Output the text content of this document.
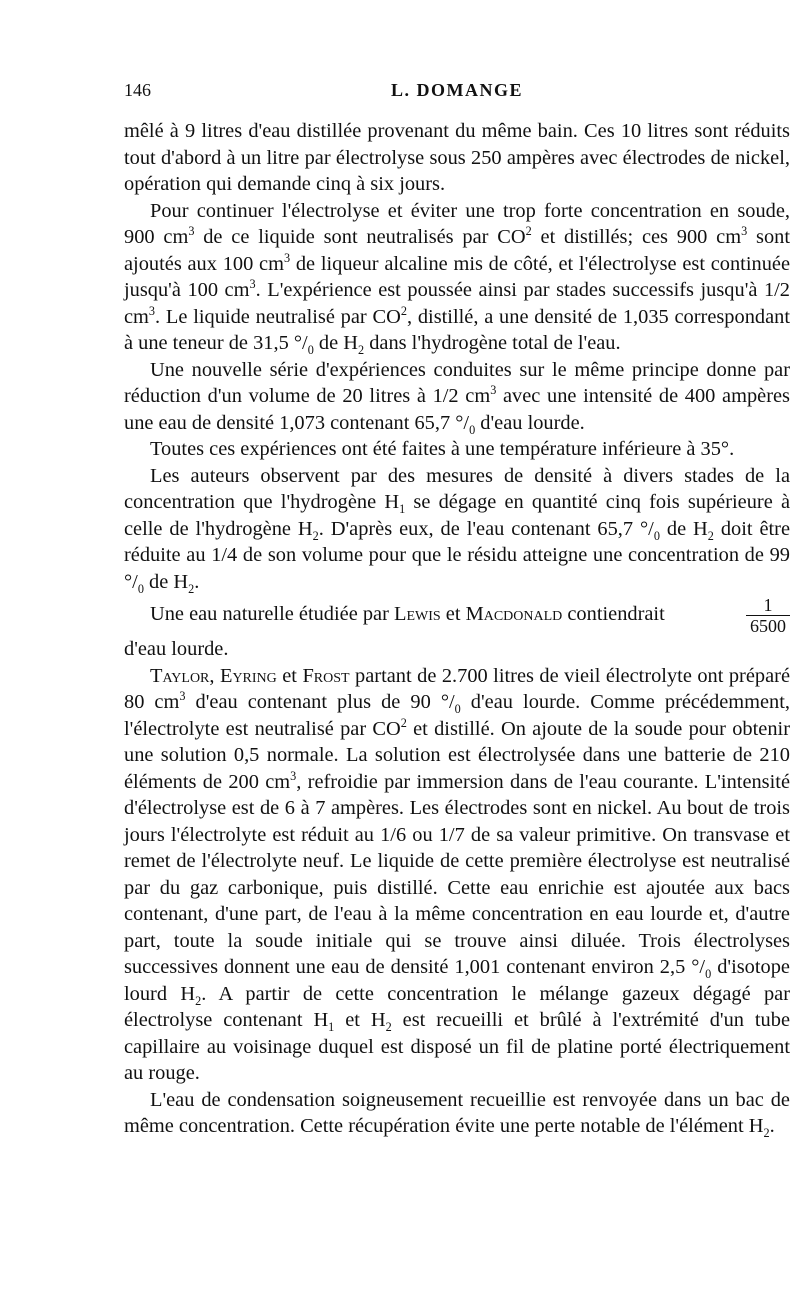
146	L. DOMANGE

mêlé à 9 litres d'eau distillée provenant du même bain. Ces 10 litres sont réduits tout d'abord à un litre par électrolyse sous 250 ampères avec électrodes de nickel, opération qui demande cinq à six jours.

Pour continuer l'électrolyse et éviter une trop forte concentration en soude, 900 $cm^3$ de ce liquide sont neutralisés par $CO^2$ et distillés; ces 900 $cm^3$ sont ajoutés aux 100 $cm^3$ de liqueur alcaline mis de côté, et l'électrolyse est continuée jusqu'à 100 $cm^3$. L'expérience est poussée ainsi par stades successifs jusqu'à 1/2 $cm^3$. Le liquide neutralisé par $CO^2$, distillé, a une densité de 1,035 correspondant à une teneur de 31,5 $^\circ/_0$ de $H_2$ dans l'hydrogène total de l'eau.

Une nouvelle série d'expériences conduites sur le même principe donne par réduction d'un volume de 20 litres à 1/2 $cm^3$ avec une intensité de 400 ampères une eau de densité 1,073 contenant 65,7 $^\circ/_0$ d'eau lourde.

Toutes ces expériences ont été faites à une température inférieure à 35°.

Les auteurs observent par des mesures de densité à divers stades de la concentration que l'hydrogène $H_1$ se dégage en quantité cinq fois supérieure à celle de l'hydrogène $H_2$. D'après eux, de l'eau contenant 65,7 $^\circ/_0$ de $H_2$ doit être réduite au 1/4 de son volume pour que le résidu atteigne une concentration de 99 $^\circ/_0$ de $H_2$.

Une eau naturelle étudiée par Lewis et Macdonald contiendrait	$\frac{1}{6500}$

d'eau lourde.

Taylor, Eyring et Frost partant de 2.700 litres de vieil électrolyte ont préparé 80 $cm^3$ d'eau contenant plus de 90 $^\circ/_0$ d'eau lourde. Comme précédemment, l'électrolyte est neutralisé par $CO^2$ et distillé. On ajoute de la soude pour obtenir une solution 0,5 normale. La solution est électrolysée dans une batterie de 210 éléments de 200 $cm^3$, refroidie par immersion dans de l'eau courante. L'intensité d'électrolyse est de 6 à 7 ampères. Les électrodes sont en nickel. Au bout de trois jours l'électrolyte est réduit au 1/6 ou 1/7 de sa valeur primitive. On transvase et remet de l'électrolyte neuf. Le liquide de cette première électrolyse est neutralisé par du gaz carbonique, puis distillé. Cette eau enrichie est ajoutée aux bacs contenant, d'une part, de l'eau à la même concentration en eau lourde et, d'autre part, toute la soude initiale qui se trouve ainsi diluée. Trois électrolyses successives donnent une eau de densité 1,001 contenant environ 2,5 $^\circ/_0$ d'isotope lourd $H_2$. A partir de cette concentration le mélange gazeux dégagé par électrolyse contenant $H_1$ et $H_2$ est recueilli et brûlé à l'extrémité d'un tube capillaire au voisinage duquel est disposé un fil de platine porté électriquement au rouge.

L'eau de condensation soigneusement recueillie est renvoyée dans un bac de même concentration. Cette récupération évite une perte notable de l'élément $H_2$.
